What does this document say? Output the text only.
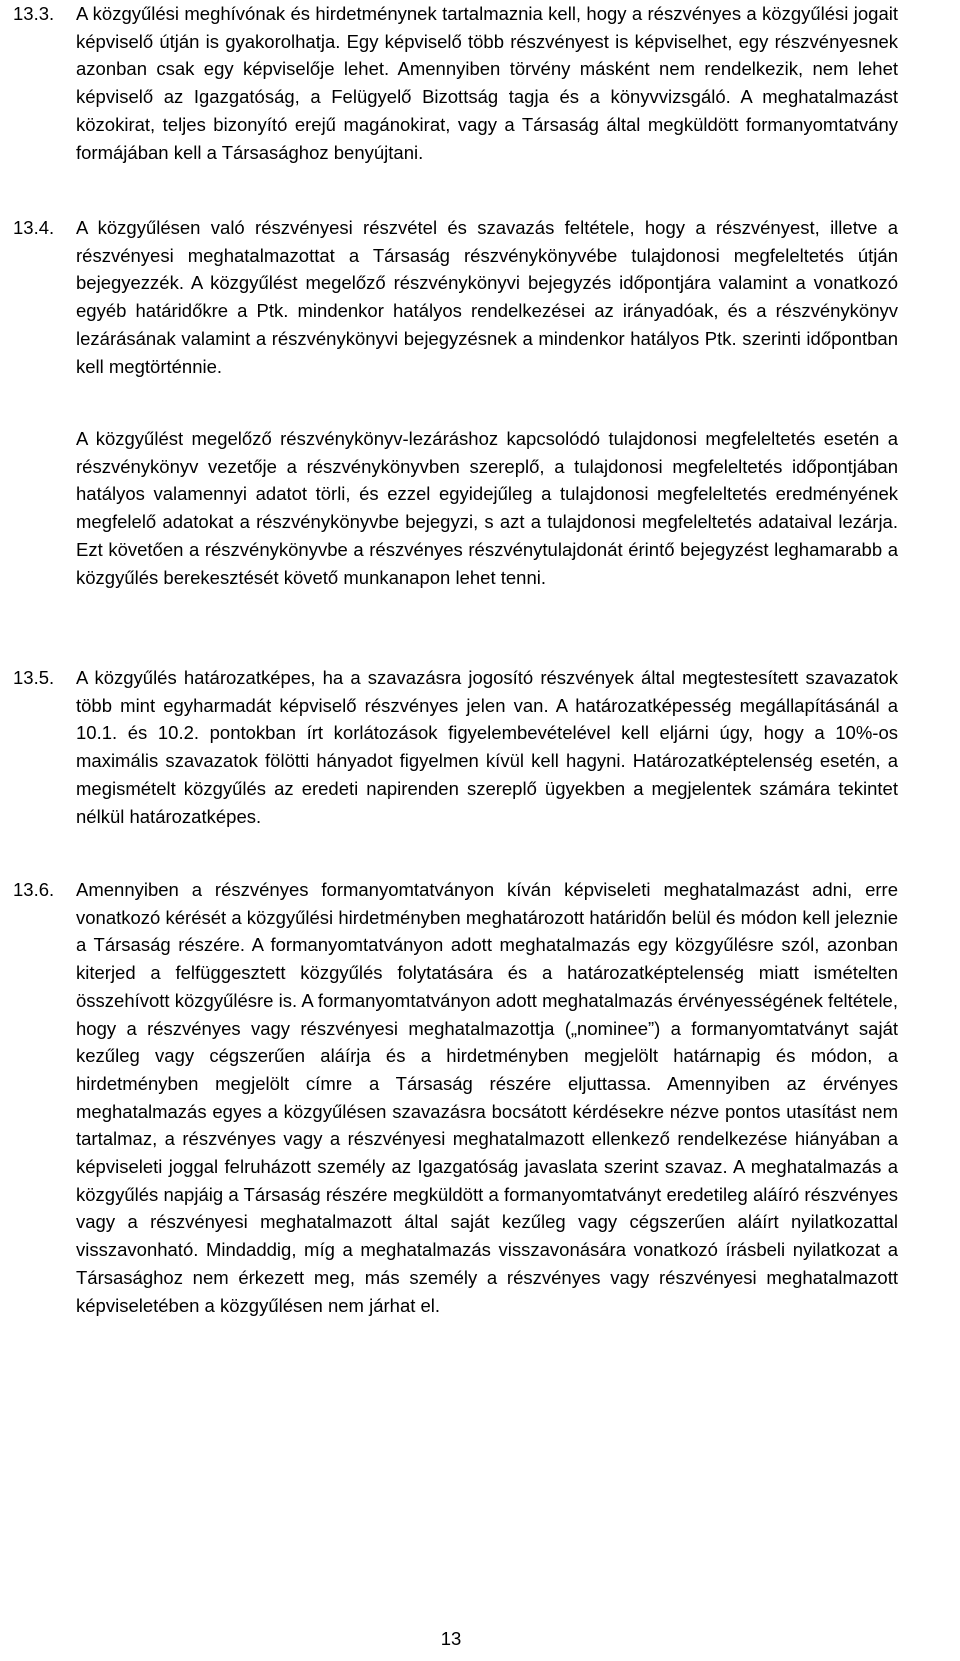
13.3. A közgyűlési meghívónak és hirdetménynek tartalmaznia kell, hogy a részvényes a közgyűlési jogait képviselő útján is gyakorolhatja. Egy képviselő több részvényest is képviselhet, egy részvényesnek azonban csak egy képviselője lehet. Amennyiben törvény másként nem rendelkezik, nem lehet képviselő az Igazgatóság, a Felügyelő Bizottság tagja és a könyvvizsgáló. A meghatalmazást közokirat, teljes bizonyító erejű magánokirat, vagy a Társaság által megküldött formanyomtatvány formájában kell a Társasághoz benyújtani.

13.4. A közgyűlésen való részvényesi részvétel és szavazás feltétele, hogy a részvényest, illetve a részvényesi meghatalmazottat a Társaság részvénykönyvébe tulajdonosi megfeleltetés útján bejegyezzék. A közgyűlést megelőző részvénykönyvi bejegyzés időpontjára valamint a vonatkozó egyéb határidőkre a Ptk. mindenkor hatályos rendelkezései az irányadóak, és a részvénykönyv lezárásának valamint a részvénykönyvi bejegyzésnek a mindenkor hatályos Ptk. szerinti időpontban kell megtörténnie.

A közgyűlést megelőző részvénykönyv-lezáráshoz kapcsolódó tulajdonosi megfeleltetés esetén a részvénykönyv vezetője a részvénykönyvben szereplő, a tulajdonosi megfeleltetés időpontjában hatályos valamennyi adatot törli, és ezzel egyidejűleg a tulajdonosi megfeleltetés eredményének megfelelő adatokat a részvénykönyvbe bejegyzi, s azt a tulajdonosi megfeleltetés adataival lezárja. Ezt követően a részvénykönyvbe a részvényes részvénytulajdonát érintő bejegyzést leghamarabb a közgyűlés berekesztését követő munkanapon lehet tenni.

13.5. A közgyűlés határozatképes, ha a szavazásra jogosító részvények által megtestesített szavazatok több mint egyharmadát képviselő részvényes jelen van. A határozatképesség megállapításánál a 10.1. és 10.2. pontokban írt korlátozások figyelembevételével kell eljárni úgy, hogy a 10%-os maximális szavazatok fölötti hányadot figyelmen kívül kell hagyni. Határozatképtelenség esetén, a megismételt közgyűlés az eredeti napirenden szereplő ügyekben a megjelentek számára tekintet nélkül határozatképes.

13.6. Amennyiben a részvényes formanyomtatványon kíván képviseleti meghatalmazást adni, erre vonatkozó kérését a közgyűlési hirdetményben meghatározott határidőn belül és módon kell jeleznie a Társaság részére. A formanyomtatványon adott meghatalmazás egy közgyűlésre szól, azonban kiterjed a felfüggesztett közgyűlés folytatására és a határozatképtelenség miatt ismételten összehívott közgyűlésre is. A formanyomtatványon adott meghatalmazás érvényességének feltétele, hogy a részvényes vagy részvényesi meghatalmazottja („nominee”) a formanyomtatványt saját kezűleg vagy cégszerűen aláírja és a hirdetményben megjelölt határnapig és módon, a hirdetményben megjelölt címre a Társaság részére eljuttassa. Amennyiben az érvényes meghatalmazás egyes a közgyűlésen szavazásra bocsátott kérdésekre nézve pontos utasítást nem tartalmaz, a részvényes vagy a részvényesi meghatalmazott ellenkező rendelkezése hiányában a képviseleti joggal felruházott személy az Igazgatóság javaslata szerint szavaz. A meghatalmazás a közgyűlés napjáig a Társaság részére megküldött a formanyomtatványt eredetileg aláíró részvényes vagy a részvényesi meghatalmazott által saját kezűleg vagy cégszerűen aláírt nyilatkozattal visszavonható. Mindaddig, míg a meghatalmazás visszavonására vonatkozó írásbeli nyilatkozat a Társasághoz nem érkezett meg, más személy a részvényes vagy részvényesi meghatalmazott képviseletében a közgyűlésen nem járhat el.

13
